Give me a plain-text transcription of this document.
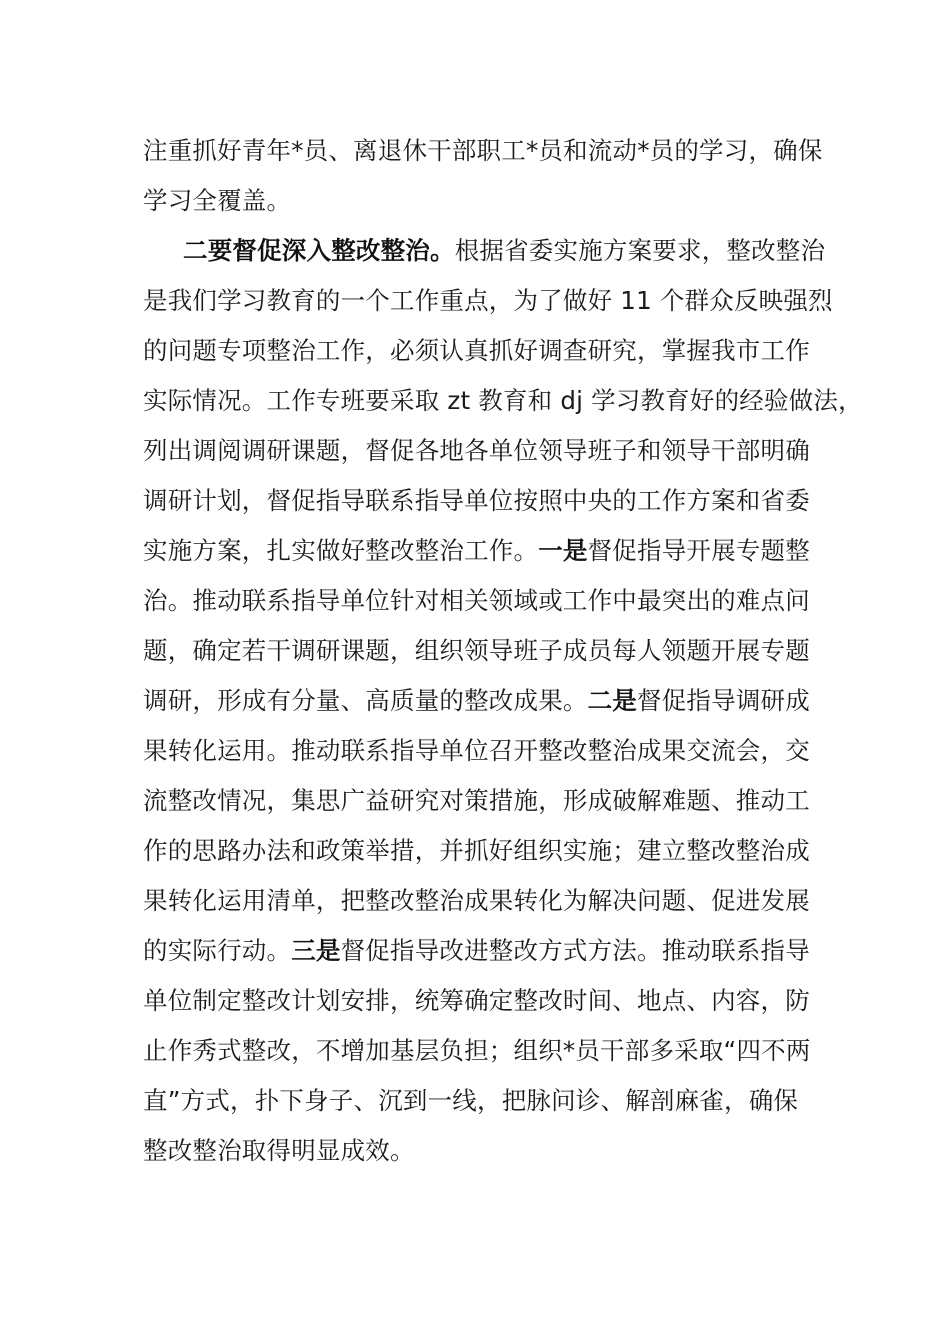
注重抓好青年*员、离退休干部职工*员和流动*员的学习，确保
学习全覆盖。
二要督促深入整改整治。根据省委实施方案要求，整改整治
是我们学习教育的一个工作重点，为了做好 11 个群众反映强烈
的问题专项整治工作，必须认真抓好调查研究，掌握我市工作
实际情况。工作专班要采取 zt 教育和 dj 学习教育好的经验做法，
列出调阅调研课题，督促各地各单位领导班子和领导干部明确
调研计划，督促指导联系指导单位按照中央的工作方案和省委
实施方案，扎实做好整改整治工作。一是督促指导开展专题整
治。推动联系指导单位针对相关领域或工作中最突出的难点问
题，确定若干调研课题，组织领导班子成员每人领题开展专题
调研，形成有分量、高质量的整改成果。二是督促指导调研成
果转化运用。推动联系指导单位召开整改整治成果交流会，交
流整改情况，集思广益研究对策措施，形成破解难题、推动工
作的思路办法和政策举措，并抓好组织实施；建立整改整治成
果转化运用清单，把整改整治成果转化为解决问题、促进发展
的实际行动。三是督促指导改进整改方式方法。推动联系指导
单位制定整改计划安排，统筹确定整改时间、地点、内容，防
止作秀式整改，不增加基层负担；组织*员干部多采取“四不两
直”方式，扑下身子、沉到一线，把脉问诊、解剖麻雀，确保
整改整治取得明显成效。
